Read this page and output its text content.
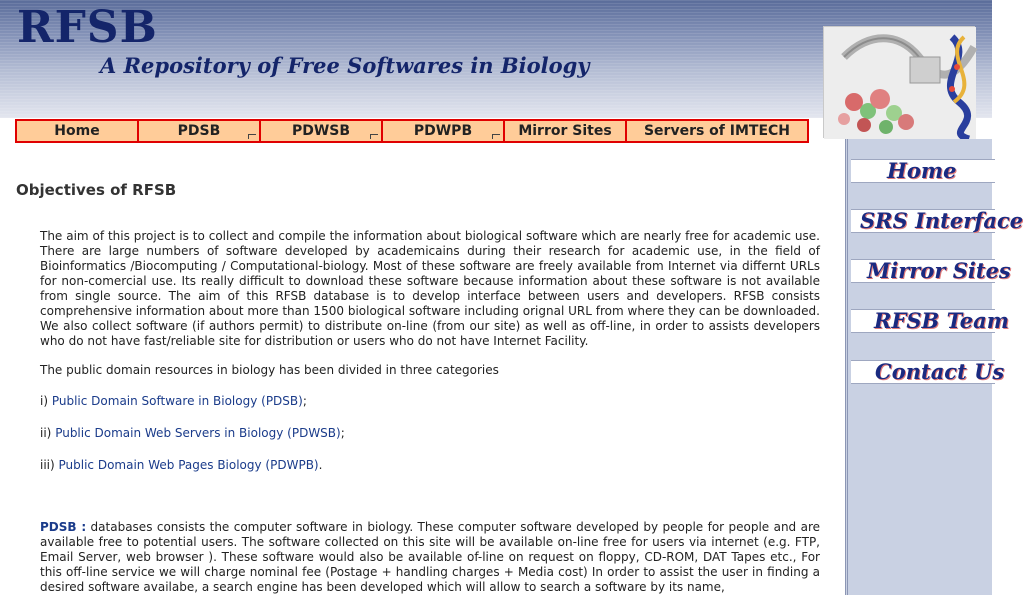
RFSB
A Repository of Free Softwares in Biology
Home	PDSB	PDWSB	PDWPB	Mirror Sites Servers of IMTECH
Home
SRS Interface
Mirror Sites
RFSB Team
Contact Us
Objectives of RFSB
The aim of this project is to collect and compile the information about biological software which are nearly free for academic use. There are large numbers of software developed by academicains during their research for academic use, in the field of Bioinformatics /Biocomputing / Computational-biology. Most of these software are freely available from Internet via differnt URLs for non-comercial use. Its really difficult to download these software because information about these software is not available from single source. The aim of this RFSB database is to develop interface between users and developers. RFSB consists comprehensive information about more than 1500 biological software including orignal URL from where they can be downloaded. We also collect software (if authors permit) to distribute on-line (from our site) as well as off-line, in order to assists developers who do not have fast/reliable site for distribution or users who do not have Internet Facility.
The public domain resources in biology has been divided in three categories
i) Public Domain Software in Biology (PDSB);
ii) Public Domain Web Servers in Biology (PDWSB);
iii) Public Domain Web Pages Biology (PDWPB).
PDSB : databases consists the computer software in biology. These computer software developed by people for people and are available free to potential users. The software collected on this site will be available on-line free for users via internet (e.g. FTP, Email Server, web browser ). These software would also be available of-line on request on floppy, CD-ROM, DAT Tapes etc., For this off-line service we will charge nominal fee (Postage + handling charges + Media cost) In order to assist the user in finding a desired software availabe, a search engine has been developed which will allow to search a software by its name,
